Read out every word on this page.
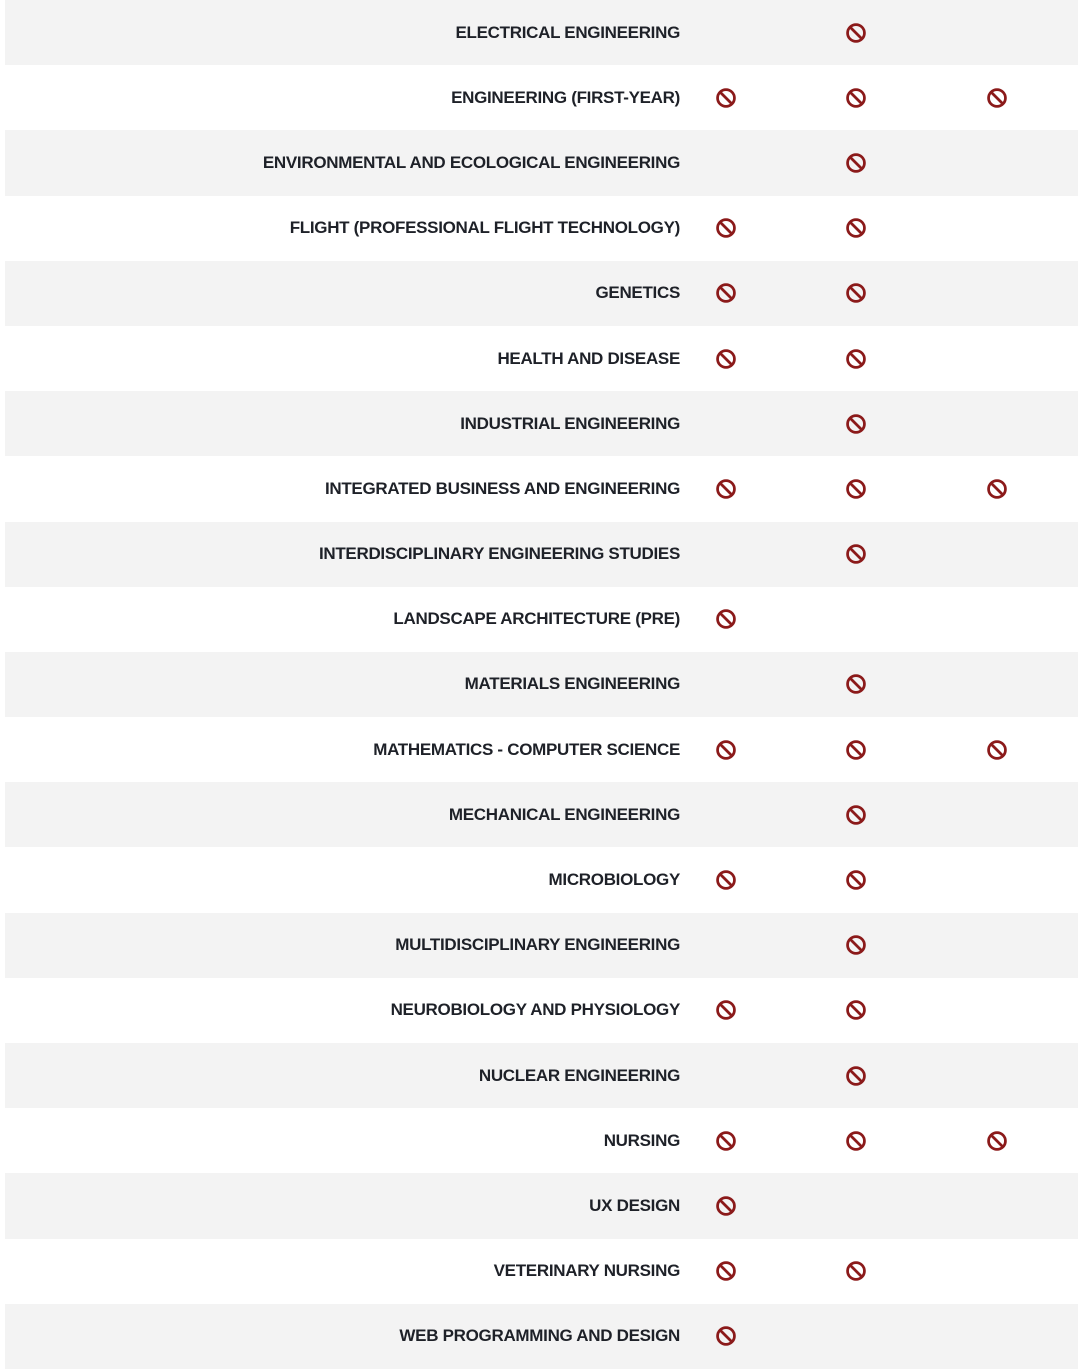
ELECTRICAL ENGINEERING
ENGINEERING (FIRST-YEAR)
ENVIRONMENTAL AND ECOLOGICAL ENGINEERING
FLIGHT (PROFESSIONAL FLIGHT TECHNOLOGY)
GENETICS
HEALTH AND DISEASE
INDUSTRIAL ENGINEERING
INTEGRATED BUSINESS AND ENGINEERING
INTERDISCIPLINARY ENGINEERING STUDIES
LANDSCAPE ARCHITECTURE (PRE)
MATERIALS ENGINEERING
MATHEMATICS - COMPUTER SCIENCE
MECHANICAL ENGINEERING
MICROBIOLOGY
MULTIDISCIPLINARY ENGINEERING
NEUROBIOLOGY AND PHYSIOLOGY
NUCLEAR ENGINEERING
NURSING
UX DESIGN
VETERINARY NURSING
WEB PROGRAMMING AND DESIGN
